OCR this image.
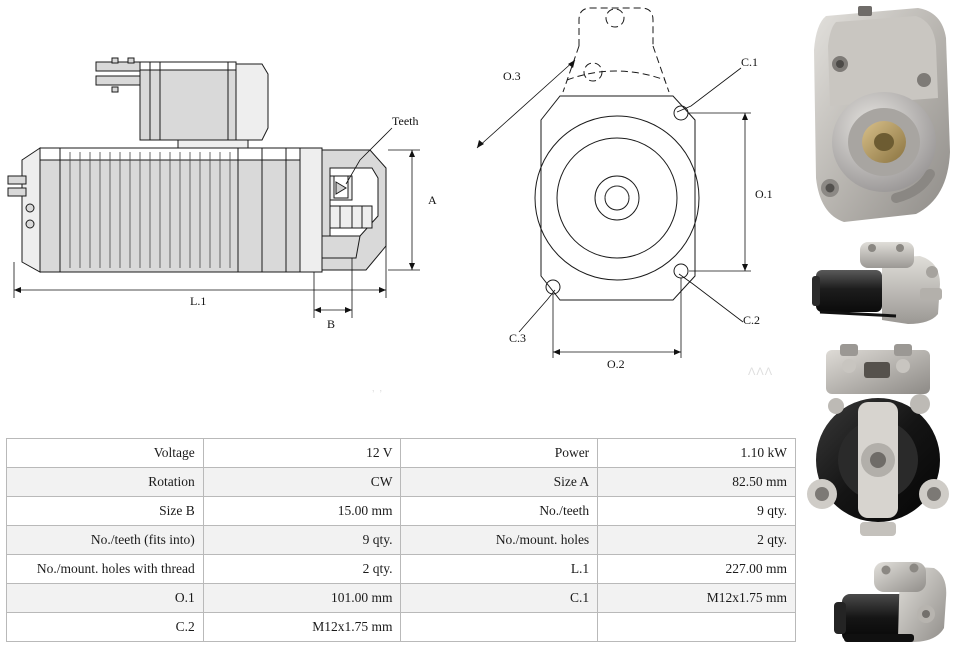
Teeth
A
L.1
B
O.3
C.1
C.2
C.3
O.1
O.2
‚ ‚
ΛΛΛ
Voltage	12 V	Power	1.10 kW
Rotation	CW	Size A	82.50 mm
Size B	15.00 mm	No./teeth	9 qty.
No./teeth (fits into)	9 qty.	No./mount. holes	2 qty.
No./mount. holes with thread	2 qty.	L.1	227.00 mm
O.1	101.00 mm	C.1	M12x1.75 mm
C.2	M12x1.75 mm		
